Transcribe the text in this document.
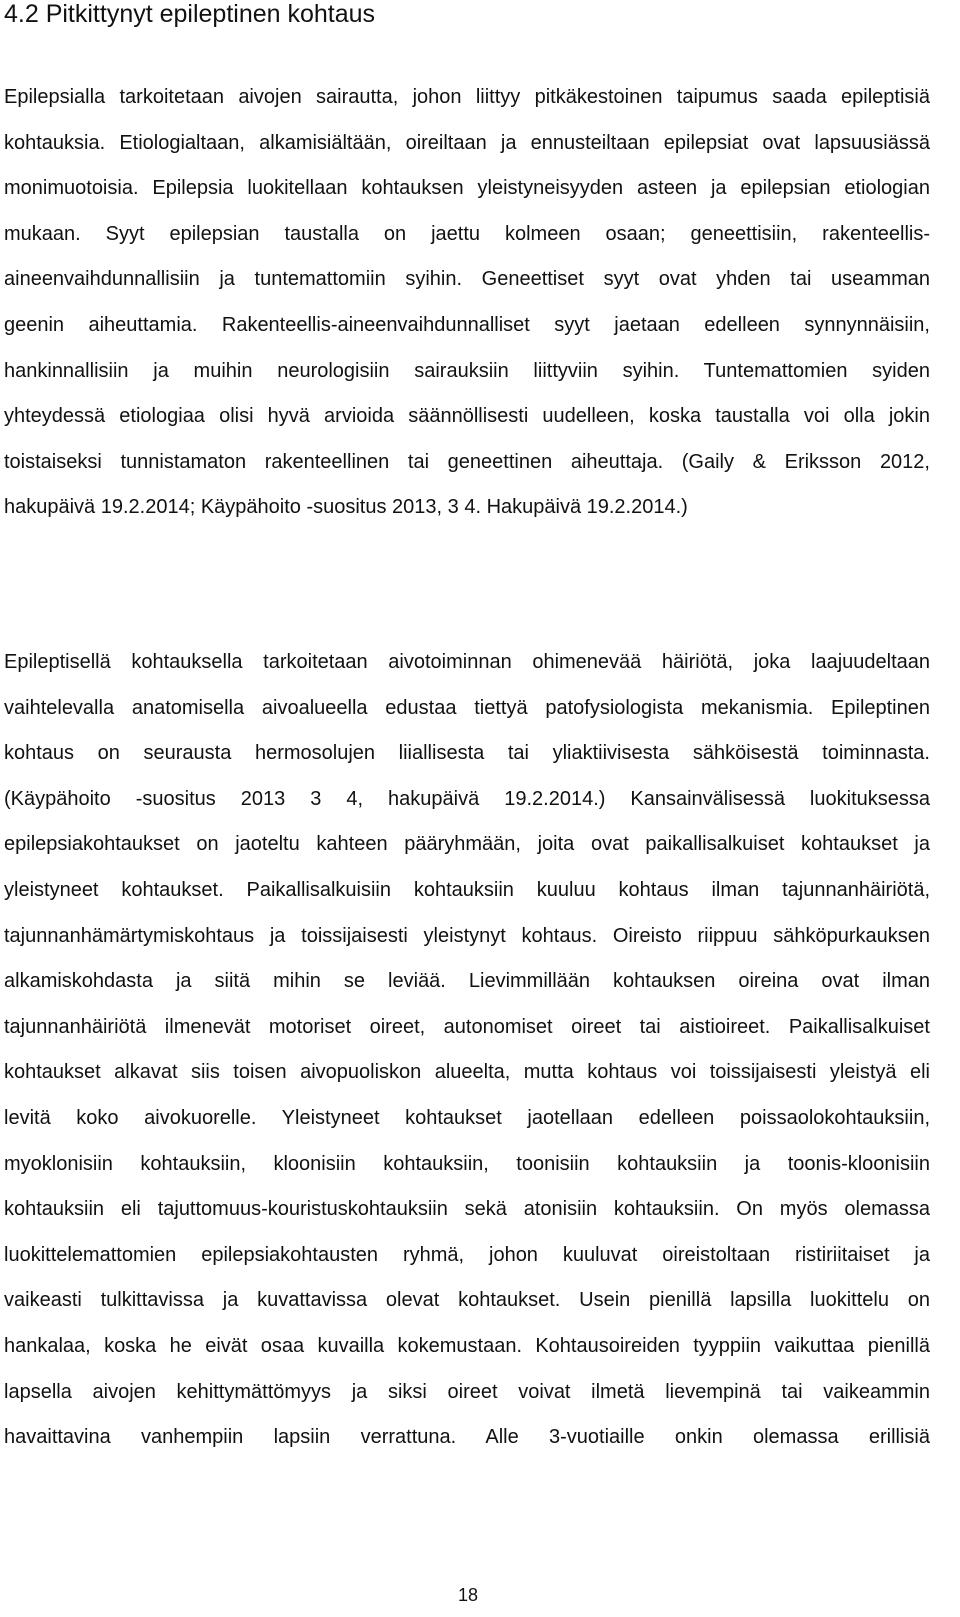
4.2 Pitkittynyt epileptinen kohtaus
Epilepsialla tarkoitetaan aivojen sairautta, johon liittyy pitkäkestoinen taipumus saada epileptisiä
kohtauksia. Etiologialtaan, alkamisiältään, oireiltaan ja ennusteiltaan epilepsiat ovat lapsuusiässä
monimuotoisia. Epilepsia luokitellaan kohtauksen yleistyneisyyden asteen ja epilepsian etiologian
mukaan. Syyt epilepsian taustalla on jaettu kolmeen osaan; geneettisiin, rakenteellis-
aineenvaihdunnallisiin ja tuntemattomiin syihin. Geneettiset syyt ovat yhden tai useamman
geenin aiheuttamia. Rakenteellis-aineenvaihdunnalliset syyt jaetaan edelleen synnynnäisiin,
hankinnallisiin ja muihin neurologisiin sairauksiin liittyviin syihin. Tuntemattomien syiden
yhteydessä etiologiaa olisi hyvä arvioida säännöllisesti uudelleen, koska taustalla voi olla jokin
toistaiseksi tunnistamaton rakenteellinen tai geneettinen aiheuttaja. (Gaily & Eriksson 2012,
hakupäivä 19.2.2014; Käypähoito -suositus 2013, 3 4. Hakupäivä 19.2.2014.)
Epileptisellä kohtauksella tarkoitetaan aivotoiminnan ohimenevää häiriötä, joka laajuudeltaan
vaihtelevalla anatomisella aivoalueella edustaa tiettyä patofysiologista mekanismia. Epileptinen
kohtaus on seurausta hermosolujen liiallisesta tai yliaktiivisesta sähköisestä toiminnasta.
(Käypähoito -suositus 2013 3 4, hakupäivä 19.2.2014.) Kansainvälisessä luokituksessa
epilepsiakohtaukset on jaoteltu kahteen pääryhmään, joita ovat paikallisalkuiset kohtaukset ja
yleistyneet kohtaukset. Paikallisalkuisiin kohtauksiin kuuluu kohtaus ilman tajunnanhäiriötä,
tajunnanhämärtymiskohtaus ja toissijaisesti yleistynyt kohtaus. Oireisto riippuu sähköpurkauksen
alkamiskohdasta ja siitä mihin se leviää. Lievimmillään kohtauksen oireina ovat ilman
tajunnanhäiriötä ilmenevät motoriset oireet, autonomiset oireet tai aistioireet. Paikallisalkuiset
kohtaukset alkavat siis toisen aivopuoliskon alueelta, mutta kohtaus voi toissijaisesti yleistyä eli
levitä koko aivokuorelle. Yleistyneet kohtaukset jaotellaan edelleen poissaolokohtauksiin,
myoklonisiin kohtauksiin, kloonisiin kohtauksiin, toonisiin kohtauksiin ja toonis-kloonisiin
kohtauksiin eli tajuttomuus-kouristuskohtauksiin sekä atonisiin kohtauksiin. On myös olemassa
luokittelemattomien epilepsiakohtausten ryhmä, johon kuuluvat oireistoltaan ristiriitaiset ja
vaikeasti tulkittavissa ja kuvattavissa olevat kohtaukset. Usein pienillä lapsilla luokittelu on
hankalaa, koska he eivät osaa kuvailla kokemustaan. Kohtausoireiden tyyppiin vaikuttaa pienillä
lapsella aivojen kehittymättömyys ja siksi oireet voivat ilmetä lievempinä tai vaikeammin
havaittavina vanhempiin lapsiin verrattuna. Alle 3-vuotiaille onkin olemassa erillisiä
18
